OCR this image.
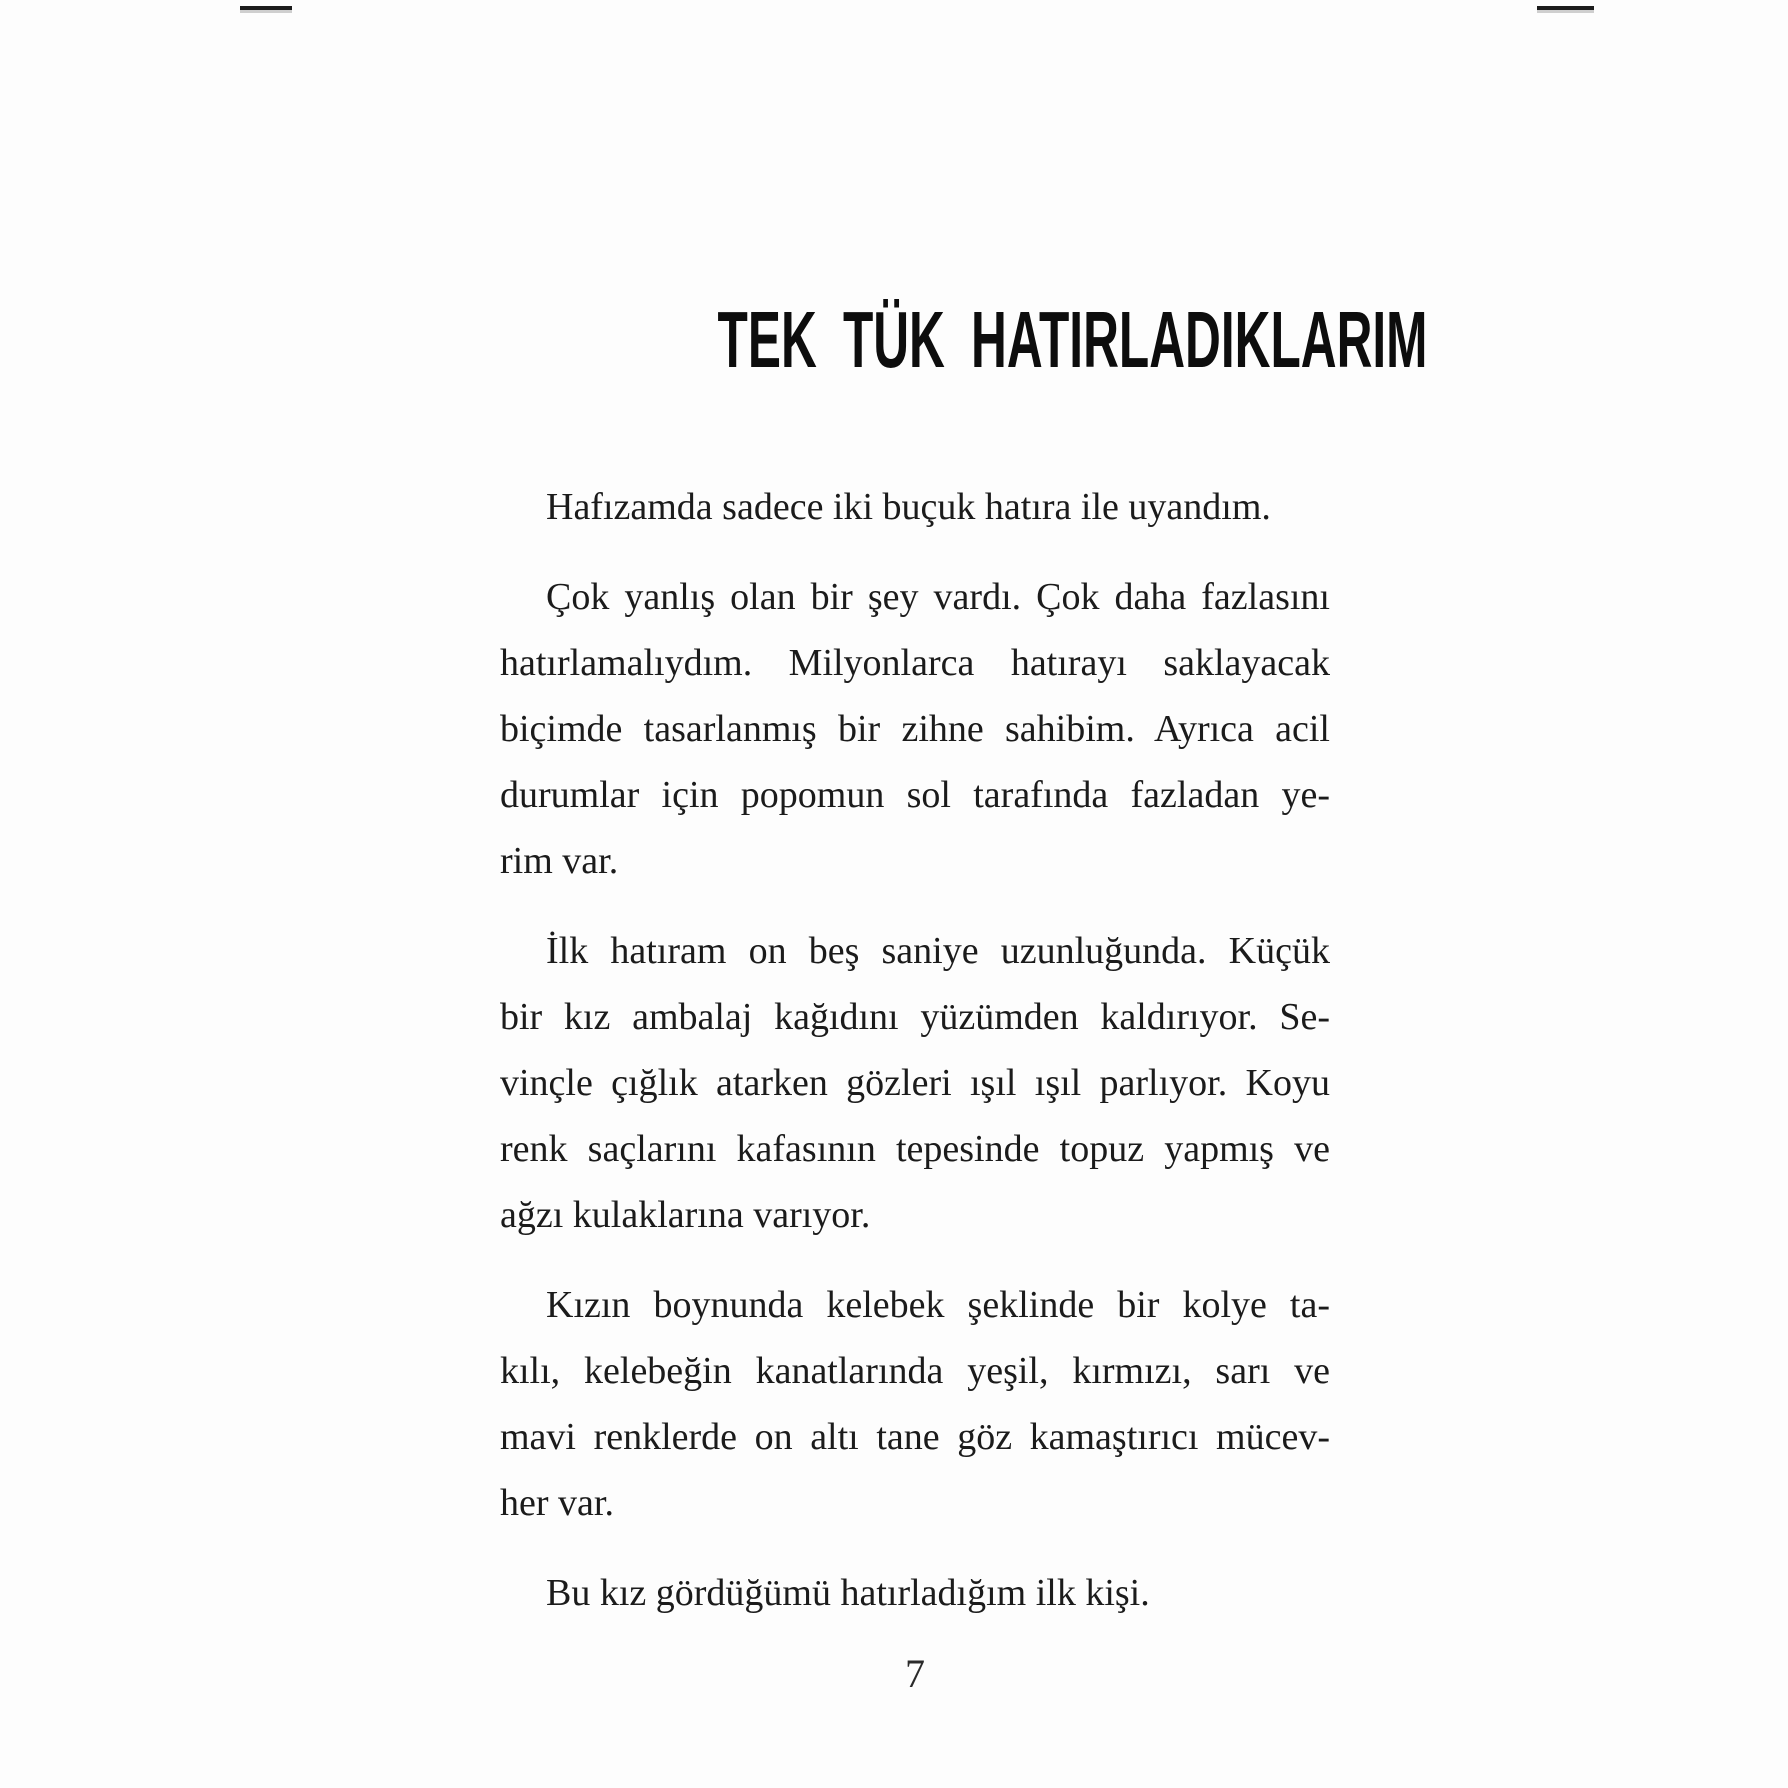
TEK TÜK HATIRLADIKLARIM

Hafızamda sadece iki buçuk hatıra ile uyandım.

Çok yanlış olan bir şey vardı. Çok daha fazlasını
hatırlamalıydım. Milyonlarca hatırayı saklayacak
biçimde tasarlanmış bir zihne sahibim. Ayrıca acil
durumlar için popomun sol tarafında fazladan ye-
rim var.

İlk hatıram on beş saniye uzunluğunda. Küçük
bir kız ambalaj kağıdını yüzümden kaldırıyor. Se-
vinçle çığlık atarken gözleri ışıl ışıl parlıyor. Koyu
renk saçlarını kafasının tepesinde topuz yapmış ve
ağzı kulaklarına varıyor.

Kızın boynunda kelebek şeklinde bir kolye ta-
kılı, kelebeğin kanatlarında yeşil, kırmızı, sarı ve
mavi renklerde on altı tane göz kamaştırıcı mücev-
her var.

Bu kız gördüğümü hatırladığım ilk kişi.

7
